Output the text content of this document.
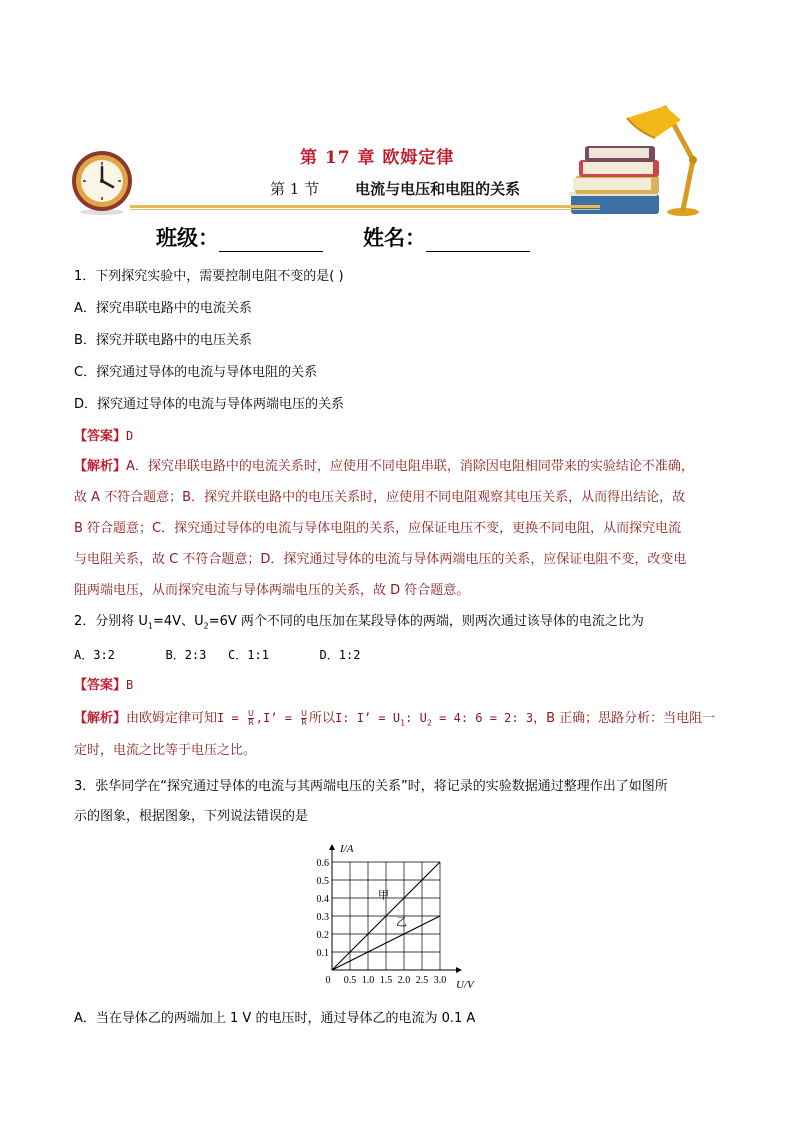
第 17 章 欧姆定律
第 1 节 电流与电压和电阻的关系
班级：	姓名：
1．下列探究实验中，需要控制电阻不变的是( )
A．探究串联电路中的电流关系
B．探究并联电路中的电压关系
C．探究通过导体的电流与导体电阻的关系
D．探究通过导体的电流与导体两端电压的关系
【答案】D
【解析】A．探究串联电路中的电流关系时，应使用不同电阻串联，消除因电阻相同带来的实验结论不准确，
故 A 不符合题意；B．探究并联电路中的电压关系时，应使用不同电阻观察其电压关系，从而得出结论，故
B 符合题意；C．探究通过导体的电流与导体电阻的关系，应保证电压不变，更换不同电阻，从而探究电流
与电阻关系，故 C 不符合题意；D．探究通过导体的电流与导体两端电压的关系，应保证电阻不变，改变电
阻两端电压，从而探究电流与导体两端电压的关系，故 D 符合题意。
2．分别将 $U_1=4V$、$U_2=6V$ 两个不同的电压加在某段导体的两端，则两次通过该导体的电流之比为
A．3:2       B．2:3   C．1:1       D．1:2
【答案】B
【解析】由欧姆定律可知$I = \frac{U}{R} ,I$’ = $\frac{U}{R}$ 所以I: I’ = $U_1$: $U_2 = 4$: 6 = 2: 3，B 正确；思路分析：当电阻一
定时，电流之比等于电压之比。
3．张华同学在“探究通过导体的电流与其两端电压的关系”时，将记录的实验数据通过整理作出了如图所
示的图象，根据图象，下列说法错误的是
0 0.5 1.0 1.5 2.0 2.5 3.0
0.1
0.2
0.3
0.4
0.5
0.6
I/A
U/V
甲
乙
A．当在导体乙的两端加上 1 V 的电压时，通过导体乙的电流为 0.1 A
